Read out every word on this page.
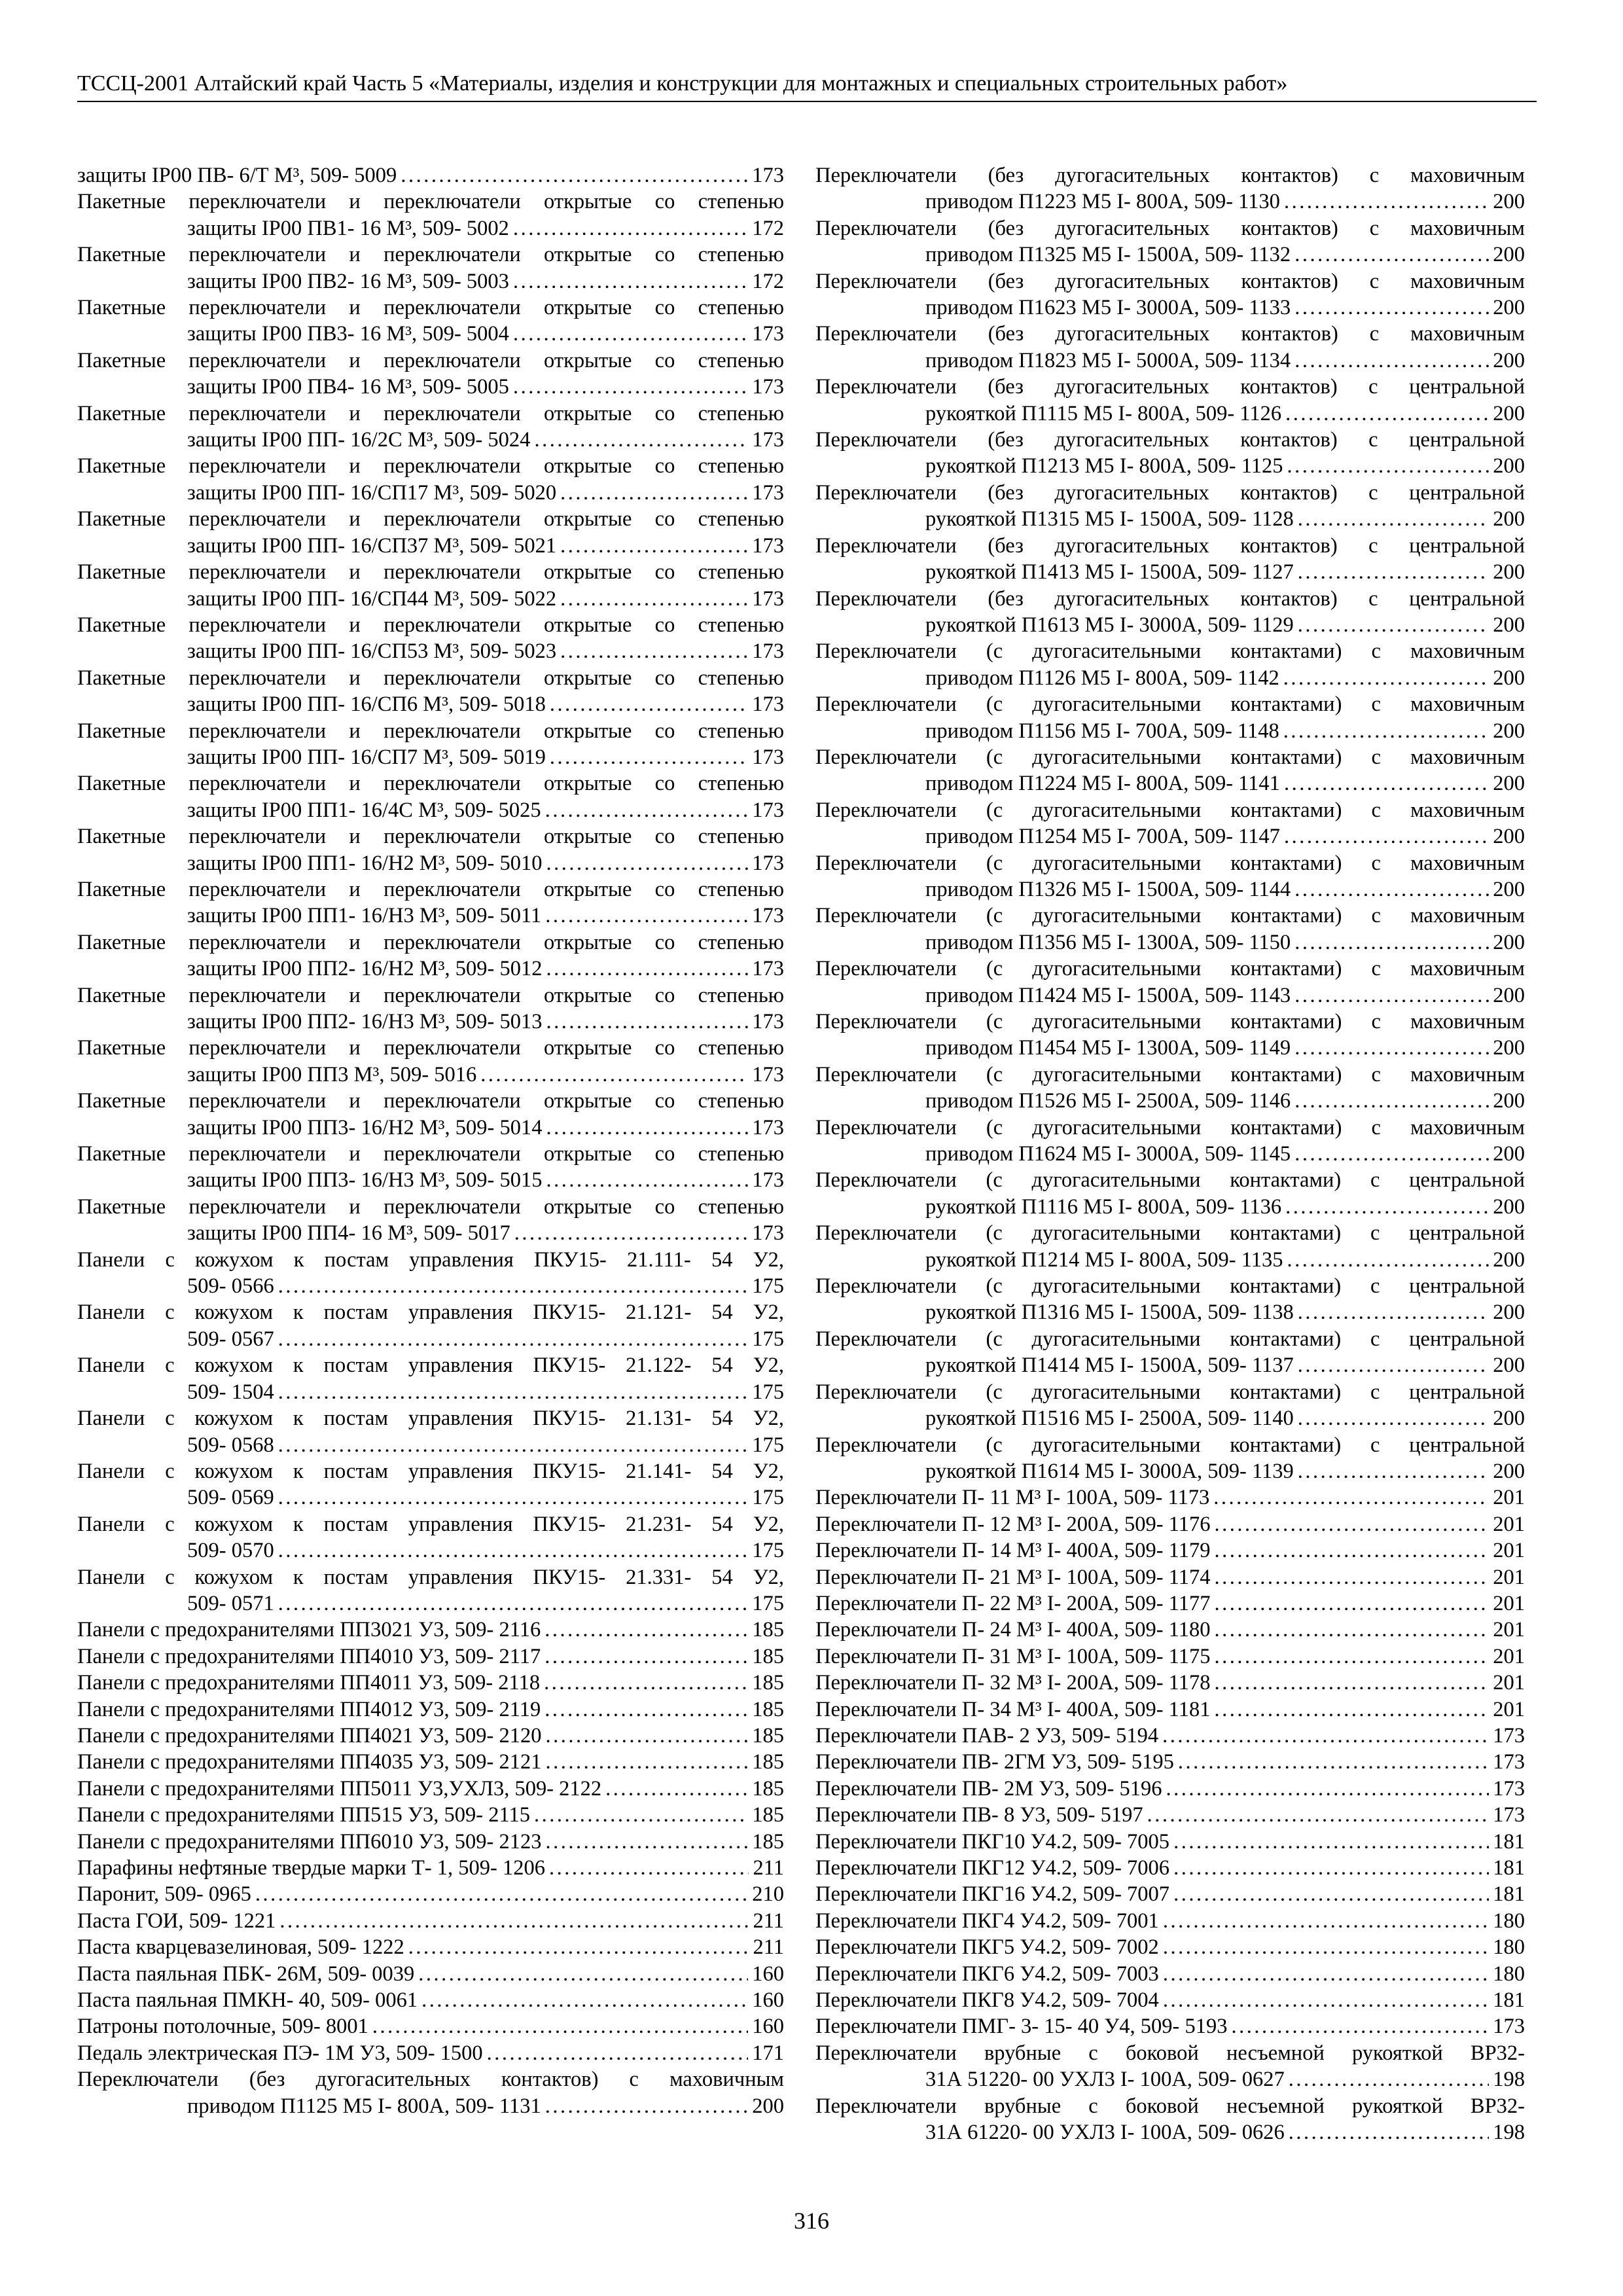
ТССЦ-2001 Алтайский край Часть 5 «Материалы, изделия и конструкции для монтажных и специальных строительных работ»
защиты IP00 ПВ- 6/Т М³, 509- 5009 .....	173
Пакетные переключатели и переключатели открытые со степенью
защиты IP00 ПВ1- 16 М³, 509- 5002 .....	172
Пакетные переключатели и переключатели открытые со степенью
защиты IP00 ПВ2- 16 М³, 509- 5003 .....	172
Пакетные переключатели и переключатели открытые со степенью
защиты IP00 ПВ3- 16 М³, 509- 5004 .....	173
Пакетные переключатели и переключатели открытые со степенью
защиты IP00 ПВ4- 16 М³, 509- 5005 .....	173
Пакетные переключатели и переключатели открытые со степенью
защиты IP00 ПП- 16/2С М³, 509- 5024 .....	173
Пакетные переключатели и переключатели открытые со степенью
защиты IP00 ПП- 16/СП17 М³, 509- 5020 .....	173
Пакетные переключатели и переключатели открытые со степенью
защиты IP00 ПП- 16/СП37 М³, 509- 5021 .....	173
Пакетные переключатели и переключатели открытые со степенью
защиты IP00 ПП- 16/СП44 М³, 509- 5022 .....	173
Пакетные переключатели и переключатели открытые со степенью
защиты IP00 ПП- 16/СП53 М³, 509- 5023 .....	173
Пакетные переключатели и переключатели открытые со степенью
защиты IP00 ПП- 16/СП6 М³, 509- 5018 .....	173
Пакетные переключатели и переключатели открытые со степенью
защиты IP00 ПП- 16/СП7 М³, 509- 5019 .....	173
Пакетные переключатели и переключатели открытые со степенью
защиты IP00 ПП1- 16/4С М³, 509- 5025 .....	173
Пакетные переключатели и переключатели открытые со степенью
защиты IP00 ПП1- 16/Н2 М³, 509- 5010 .....	173
Пакетные переключатели и переключатели открытые со степенью
защиты IP00 ПП1- 16/Н3 М³, 509- 5011 .....	173
Пакетные переключатели и переключатели открытые со степенью
защиты IP00 ПП2- 16/Н2 М³, 509- 5012 .....	173
Пакетные переключатели и переключатели открытые со степенью
защиты IP00 ПП2- 16/Н3 М³, 509- 5013 .....	173
Пакетные переключатели и переключатели открытые со степенью
защиты IP00 ПП3 М³, 509- 5016 .....	173
Пакетные переключатели и переключатели открытые со степенью
защиты IP00 ПП3- 16/Н2 М³, 509- 5014 .....	173
Пакетные переключатели и переключатели открытые со степенью
защиты IP00 ПП3- 16/Н3 М³, 509- 5015 .....	173
Пакетные переключатели и переключатели открытые со степенью
защиты IP00 ПП4- 16 М³, 509- 5017 .....	173
Панели с кожухом к постам управления ПКУ15- 21.111- 54 У2,
509- 0566 .....	175
Панели с кожухом к постам управления ПКУ15- 21.121- 54 У2,
509- 0567 .....	175
Панели с кожухом к постам управления ПКУ15- 21.122- 54 У2,
509- 1504 .....	175
Панели с кожухом к постам управления ПКУ15- 21.131- 54 У2,
509- 0568 .....	175
Панели с кожухом к постам управления ПКУ15- 21.141- 54 У2,
509- 0569 .....	175
Панели с кожухом к постам управления ПКУ15- 21.231- 54 У2,
509- 0570 .....	175
Панели с кожухом к постам управления ПКУ15- 21.331- 54 У2,
509- 0571 .....	175
Панели с предохранителями ПП3021 У3, 509- 2116 .....	185
Панели с предохранителями ПП4010 У3, 509- 2117 .....	185
Панели с предохранителями ПП4011 У3, 509- 2118 .....	185
Панели с предохранителями ПП4012 У3, 509- 2119 .....	185
Панели с предохранителями ПП4021 У3, 509- 2120 .....	185
Панели с предохранителями ПП4035 У3, 509- 2121 .....	185
Панели с предохранителями ПП5011 У3,УХЛ3, 509- 2122 .....	185
Панели с предохранителями ПП515 У3, 509- 2115 .....	185
Панели с предохранителями ПП6010 У3, 509- 2123 .....	185
Парафины нефтяные твердые марки Т- 1, 509- 1206 .....	211
Паронит, 509- 0965 .....	210
Паста ГОИ, 509- 1221 .....	211
Паста кварцевазелиновая, 509- 1222 .....	211
Паста паяльная ПБК- 26М, 509- 0039 .....	160
Паста паяльная ПМКН- 40, 509- 0061 .....	160
Патроны потолочные, 509- 8001 .....	160
Педаль электрическая ПЭ- 1М У3, 509- 1500 .....	171
Переключатели (без дугогасительных контактов) с маховичным
приводом П1125 М5 I- 800А, 509- 1131 .....	200
Переключатели (без дугогасительных контактов) с маховичным
приводом П1223 М5 I- 800А, 509- 1130 .....	200
Переключатели (без дугогасительных контактов) с маховичным
приводом П1325 М5 I- 1500А, 509- 1132 .....	200
Переключатели (без дугогасительных контактов) с маховичным
приводом П1623 М5 I- 3000А, 509- 1133 .....	200
Переключатели (без дугогасительных контактов) с маховичным
приводом П1823 М5 I- 5000А, 509- 1134 .....	200
Переключатели (без дугогасительных контактов) с центральной
рукояткой П1115 М5 I- 800А, 509- 1126 .....	200
Переключатели (без дугогасительных контактов) с центральной
рукояткой П1213 М5 I- 800А, 509- 1125 .....	200
Переключатели (без дугогасительных контактов) с центральной
рукояткой П1315 М5 I- 1500А, 509- 1128 .....	200
Переключатели (без дугогасительных контактов) с центральной
рукояткой П1413 М5 I- 1500А, 509- 1127 .....	200
Переключатели (без дугогасительных контактов) с центральной
рукояткой П1613 М5 I- 3000А, 509- 1129 .....	200
Переключатели (с дугогасительными контактами) с маховичным
приводом П1126 М5 I- 800А, 509- 1142 .....	200
Переключатели (с дугогасительными контактами) с маховичным
приводом П1156 М5 I- 700А, 509- 1148 .....	200
Переключатели (с дугогасительными контактами) с маховичным
приводом П1224 М5 I- 800А, 509- 1141 .....	200
Переключатели (с дугогасительными контактами) с маховичным
приводом П1254 М5 I- 700А, 509- 1147 .....	200
Переключатели (с дугогасительными контактами) с маховичным
приводом П1326 М5 I- 1500А, 509- 1144 .....	200
Переключатели (с дугогасительными контактами) с маховичным
приводом П1356 М5 I- 1300А, 509- 1150 .....	200
Переключатели (с дугогасительными контактами) с маховичным
приводом П1424 М5 I- 1500А, 509- 1143 .....	200
Переключатели (с дугогасительными контактами) с маховичным
приводом П1454 М5 I- 1300А, 509- 1149 .....	200
Переключатели (с дугогасительными контактами) с маховичным
приводом П1526 М5 I- 2500А, 509- 1146 .....	200
Переключатели (с дугогасительными контактами) с маховичным
приводом П1624 М5 I- 3000А, 509- 1145 .....	200
Переключатели (с дугогасительными контактами) с центральной
рукояткой П1116 М5 I- 800А, 509- 1136 .....	200
Переключатели (с дугогасительными контактами) с центральной
рукояткой П1214 М5 I- 800А, 509- 1135 .....	200
Переключатели (с дугогасительными контактами) с центральной
рукояткой П1316 М5 I- 1500А, 509- 1138 .....	200
Переключатели (с дугогасительными контактами) с центральной
рукояткой П1414 М5 I- 1500А, 509- 1137 .....	200
Переключатели (с дугогасительными контактами) с центральной
рукояткой П1516 М5 I- 2500А, 509- 1140 .....	200
Переключатели (с дугогасительными контактами) с центральной
рукояткой П1614 М5 I- 3000А, 509- 1139 .....	200
Переключатели П- 11 М³ I- 100А, 509- 1173 .....	201
Переключатели П- 12 М³ I- 200А, 509- 1176 .....	201
Переключатели П- 14 М³ I- 400А, 509- 1179 .....	201
Переключатели П- 21 М³ I- 100А, 509- 1174 .....	201
Переключатели П- 22 М³ I- 200А, 509- 1177 .....	201
Переключатели П- 24 М³ I- 400А, 509- 1180 .....	201
Переключатели П- 31 М³ I- 100А, 509- 1175 .....	201
Переключатели П- 32 М³ I- 200А, 509- 1178 .....	201
Переключатели П- 34 М³ I- 400А, 509- 1181 .....	201
Переключатели ПАВ- 2 У3, 509- 5194 .....	173
Переключатели ПВ- 2ГМ У3, 509- 5195 .....	173
Переключатели ПВ- 2М У3, 509- 5196 .....	173
Переключатели ПВ- 8 У3, 509- 5197 .....	173
Переключатели ПКГ10 У4.2, 509- 7005 .....	181
Переключатели ПКГ12 У4.2, 509- 7006 .....	181
Переключатели ПКГ16 У4.2, 509- 7007 .....	181
Переключатели ПКГ4 У4.2, 509- 7001 .....	180
Переключатели ПКГ5 У4.2, 509- 7002 .....	180
Переключатели ПКГ6 У4.2, 509- 7003 .....	180
Переключатели ПКГ8 У4.2, 509- 7004 .....	181
Переключатели ПМГ- 3- 15- 40 У4, 509- 5193 .....	173
Переключатели врубные с боковой несъемной рукояткой ВР32-
31А 51220- 00 УХЛ3 I- 100А, 509- 0627 .....	198
Переключатели врубные с боковой несъемной рукояткой ВР32-
31А 61220- 00 УХЛ3 I- 100А, 509- 0626 .....	198
316
